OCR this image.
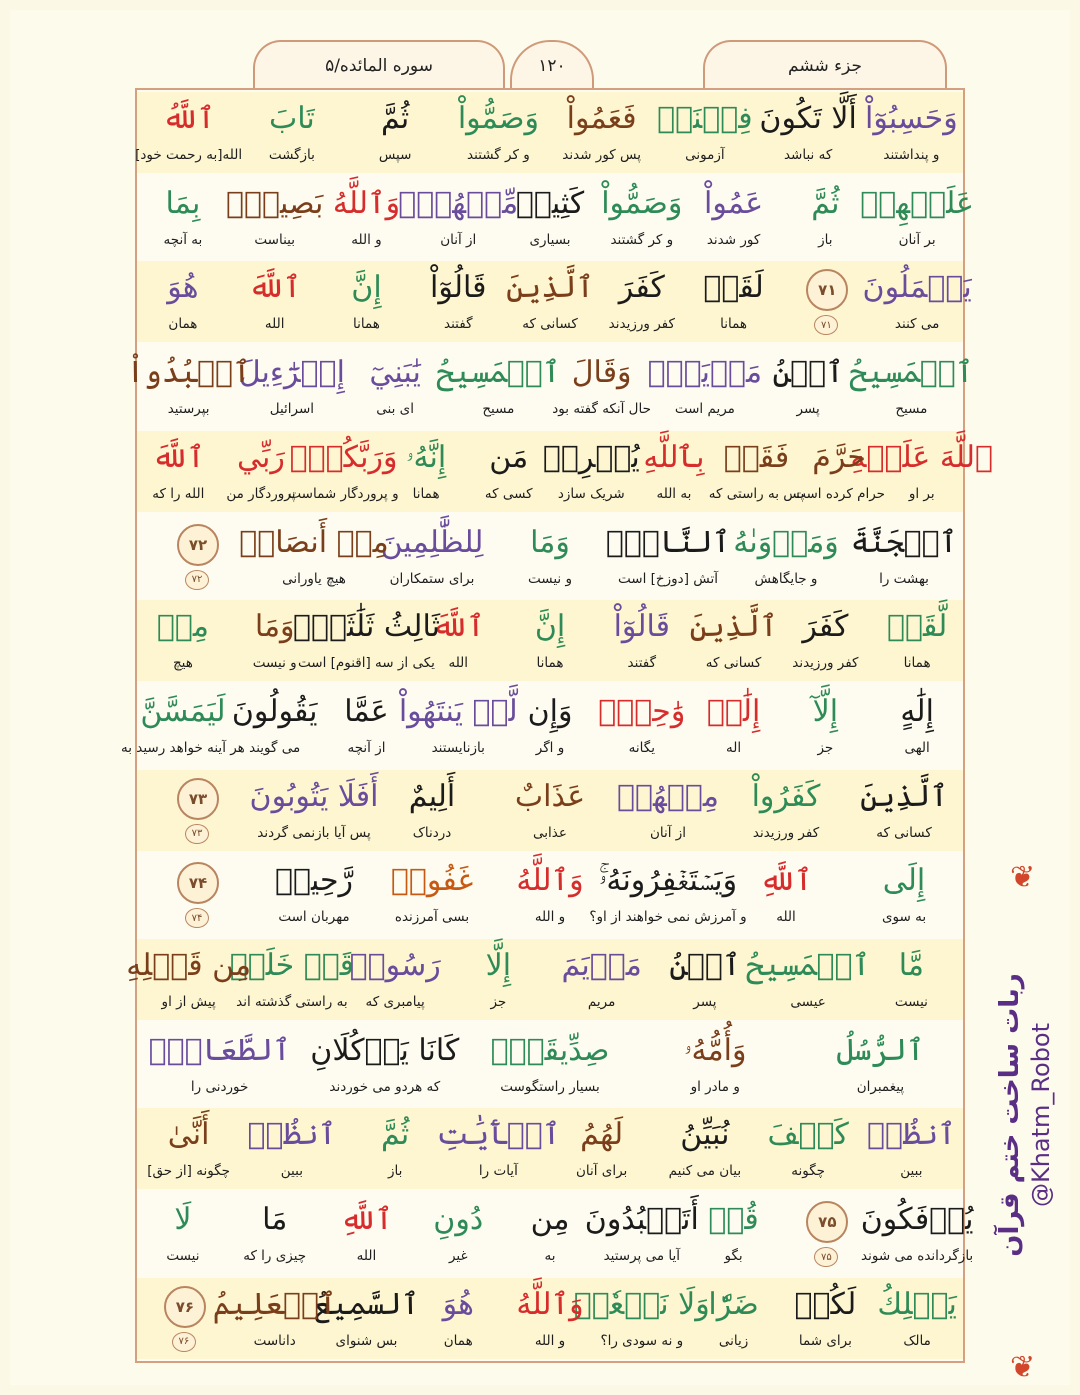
جزء ششم
۱۲۰
سوره المائده/۵
وَحَسِبُوٓاْ
و پنداشتند
أَلَّا تَكُونَ
که نباشد
فِتۡنَةٞ
آزمونی
فَعَمُواْ
پس کور شدند
وَصَمُّواْ
و کر گشتند
ثُمَّ
سپس
تَابَ
بازگشت
ٱللَّهُ
الله[به رحمت خود]
عَلَيۡهِمۡ
بر آنان
ثُمَّ
باز
عَمُواْ
کور شدند
وَصَمُّواْ
و کر گشتند
كَثِيرٞ
بسیاری
مِّنۡهُمۡۚ
از آنان
وَٱللَّهُ
و الله
بَصِيرُۢ
بیناست
بِمَا
به آنچه
يَعۡمَلُونَ
می کنند
لَقَدۡ
همانا
كَفَرَ
کفر ورزیدند
ٱلَّذِينَ
کسانی که
قَالُوٓاْ
گفتند
إِنَّ
همانا
ٱللَّهَ
الله
هُوَ
همان
۷۱
۷۱
ٱلۡمَسِيحُ
مسیح
ٱبۡنُ
پسر
مَرۡيَمَۖ
مریم است
وَقَالَ
حال آنکه گفته بود
ٱلۡمَسِيحُ
مسیح
يَٰبَنِيٓ
ای بنی
إِسۡرَٰٓءِيلَ
اسرائیل
ٱعۡبُدُواْ
بپرستید
ٱللَّهَ عَلَيۡهِ
بر او
حَرَّمَ
حرام کرده است
فَقَدۡ
پس به راستی که
بِٱللَّهِ
به الله
يُشۡرِكۡ
شریک سازد
مَن
کسی که
إِنَّهُۥ
همانا
وَرَبَّكُمۡۖ
و پروردگار شماست
رَبِّي
پروردگار من
ٱللَّهَ
الله را که
ٱلۡجَنَّةَ
بهشت را
وَمَأۡوَىٰهُ
و جایگاهش
ٱلنَّارُۖ
آتش [دوزخ] است
وَمَا
و نیست
لِلظَّٰلِمِينَ
برای ستمکاران
مِنۡ أَنصَارٖ
هیچ یاورانی
۷۲
۷۲
لَّقَدۡ
همانا
كَفَرَ
کفر ورزیدند
ٱلَّذِينَ
کسانی که
قَالُوٓاْ
گفتند
إِنَّ
همانا
ٱللَّهَ
الله
ثَالِثُ ثَلَٰثَةٖۘ
یکی از سه [اقنوم] است
وَمَا
و نیست
مِنۡ
هیچ
إِلَٰهٍ
الهی
إِلَّآ
جز
إِلَٰهٞ
اله
وَٰحِدٞۚ
یگانه
وَإِن
و اگر
لَّمۡ يَنتَهُواْ
بازنایستند
عَمَّا
از آنچه
يَقُولُونَ
می گویند
لَيَمَسَّنَّ
هر آینه خواهد رسید به
ٱلَّذِينَ
کسانی که
كَفَرُواْ
کفر ورزیدند
مِنۡهُمۡ
از آنان
عَذَابٌ
عذابی
أَلِيمٌ
دردناک
أَفَلَا يَتُوبُونَ
پس آیا بازنمی گردند
۷۳
۷۳
إِلَى
به سوی
ٱللَّهِ
الله
وَيَسۡتَغۡفِرُونَهُۥۚ
و آمرزش نمی خواهند از او؟
وَٱللَّهُ
و الله
غَفُورٞ
بسی آمرزنده
رَّحِيمٞ
مهربان است
۷۴
۷۴
مَّا
نیست
ٱلۡمَسِيحُ
عیسی
ٱبۡنُ
پسر
مَرۡيَمَ
مریم
إِلَّا
جز
رَسُولٞ
پیامبری که
قَدۡ خَلَتۡ
به راستی گذشته اند
مِن قَبۡلِهِ
پیش از او
ٱلرُّسُلُ
پیغمبران
وَأُمُّهُۥ
و مادر او
صِدِّيقَةٞۖ
بسیار راستگوست
كَانَا يَأۡكُلَانِ
که هردو می خوردند
ٱلطَّعَامَۗ
خوردنی را
ٱنظُرۡ
ببین
كَيۡفَ
چگونه
نُبَيِّنُ
بیان می کنیم
لَهُمُ
برای آنان
ٱلۡأٓيَٰتِ
آیات را
ثُمَّ
باز
ٱنظُرۡ
ببین
أَنَّىٰ
چگونه [از حق]
يُؤۡفَكُونَ
بازگردانده می شوند
قُلۡ
بگو
أَتَعۡبُدُونَ
آیا می پرستید
مِن
به
دُونِ
غیر
ٱللَّهِ
الله
مَا
چیزی را که
لَا
نیست
۷۵
۷۵
يَمۡلِكُ
مالک
لَكُمۡ
برای شما
ضَرّٗا
زیانی
وَلَا نَفۡعٗاۚ
و نه سودی را؟
وَٱللَّهُ
و الله
هُوَ
همان
ٱلسَّمِيعُ
بس شنوای
ٱلۡعَلِيمُ
داناست
۷۶
۷۶
ربات ساخت ختم قرآن @Khatm_Robot
❦
❦
